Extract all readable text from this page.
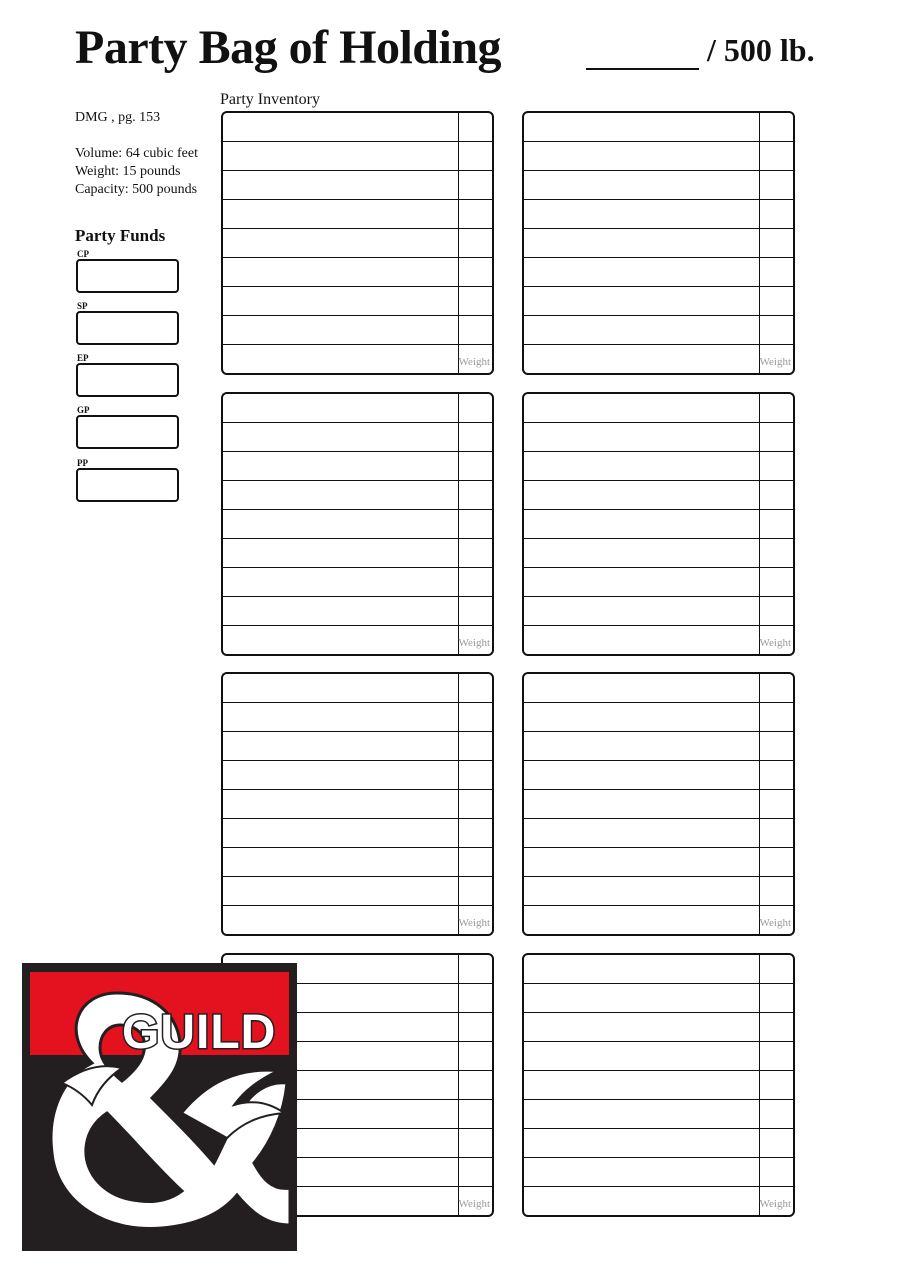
Party Bag of Holding	/ 500 lb.
DMG , pg. 153
Volume: 64 cubic feet
Weight: 15 pounds
Capacity: 500 pounds
Party Funds
CP
SP
EP
GP
PP
Party Inventory
Weight	Weight
Weight	Weight
Weight	Weight
Weight	Weight
GUILD
